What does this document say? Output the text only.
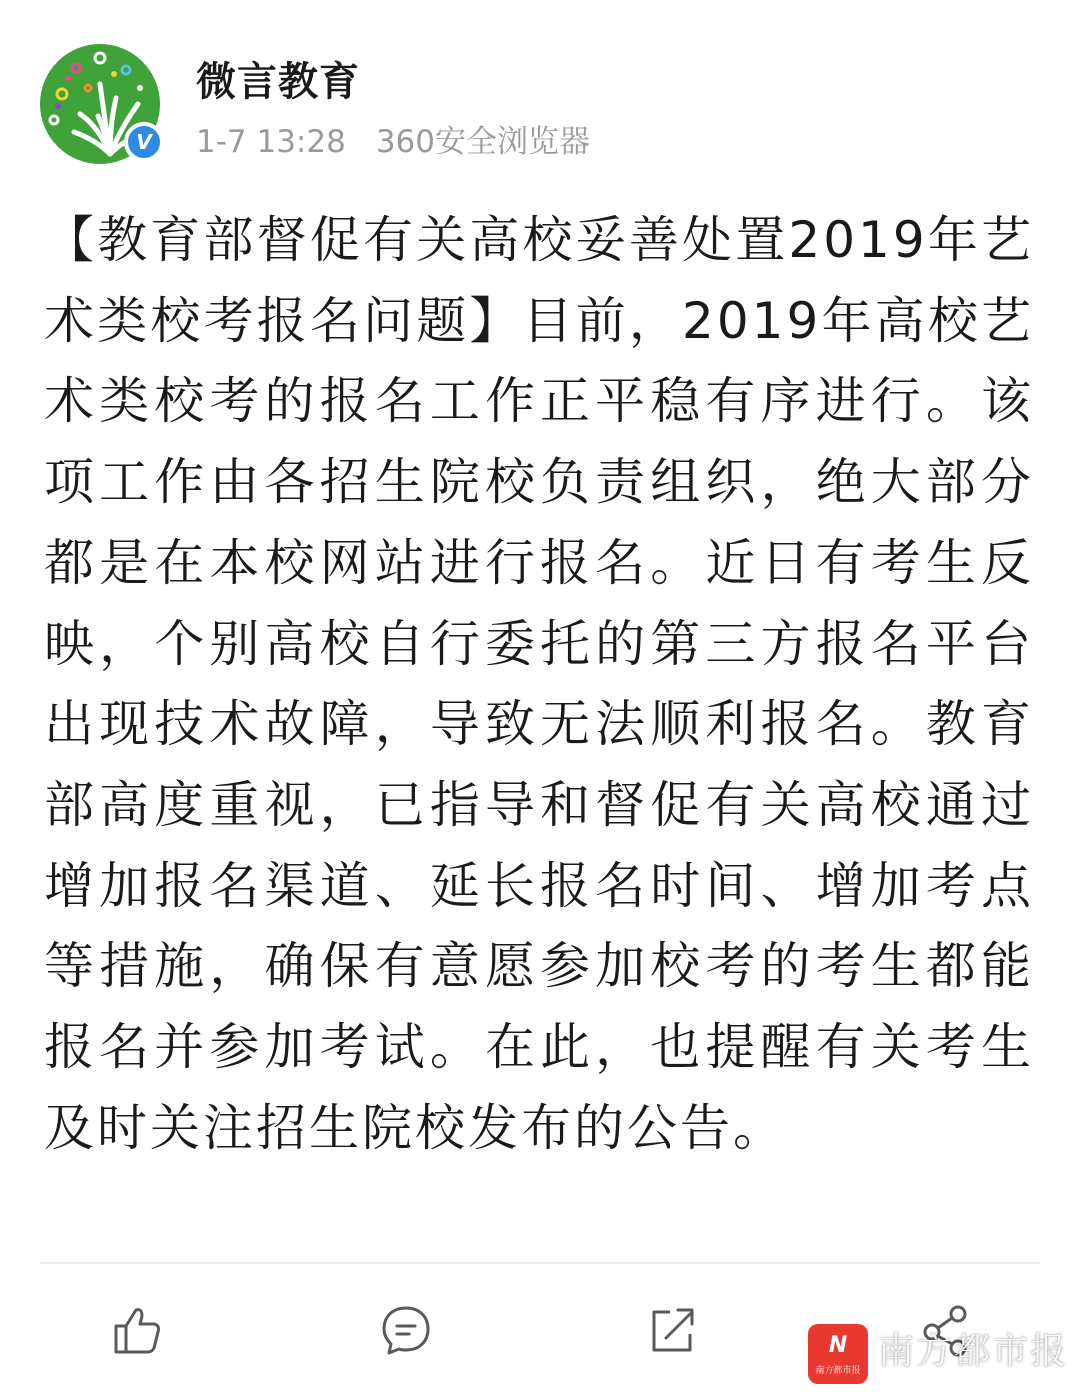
V
微言教育
1-7 13:28 360安全浏览器
【教育部督促有关高校妥善处置2019年艺术类校考报名问题】目前，2019年高校艺术类校考的报名工作正平稳有序进行。该项工作由各招生院校负责组织，绝大部分都是在本校网站进行报名。近日有考生反映，个别高校自行委托的第三方报名平台出现技术故障，导致无法顺利报名。教育部高度重视，已指导和督促有关高校通过增加报名渠道、延长报名时间、增加考点等措施，确保有意愿参加校考的考生都能报名并参加考试。在此，也提醒有关考生及时关注招生院校发布的公告。
N
南方都市报 南方都市报
